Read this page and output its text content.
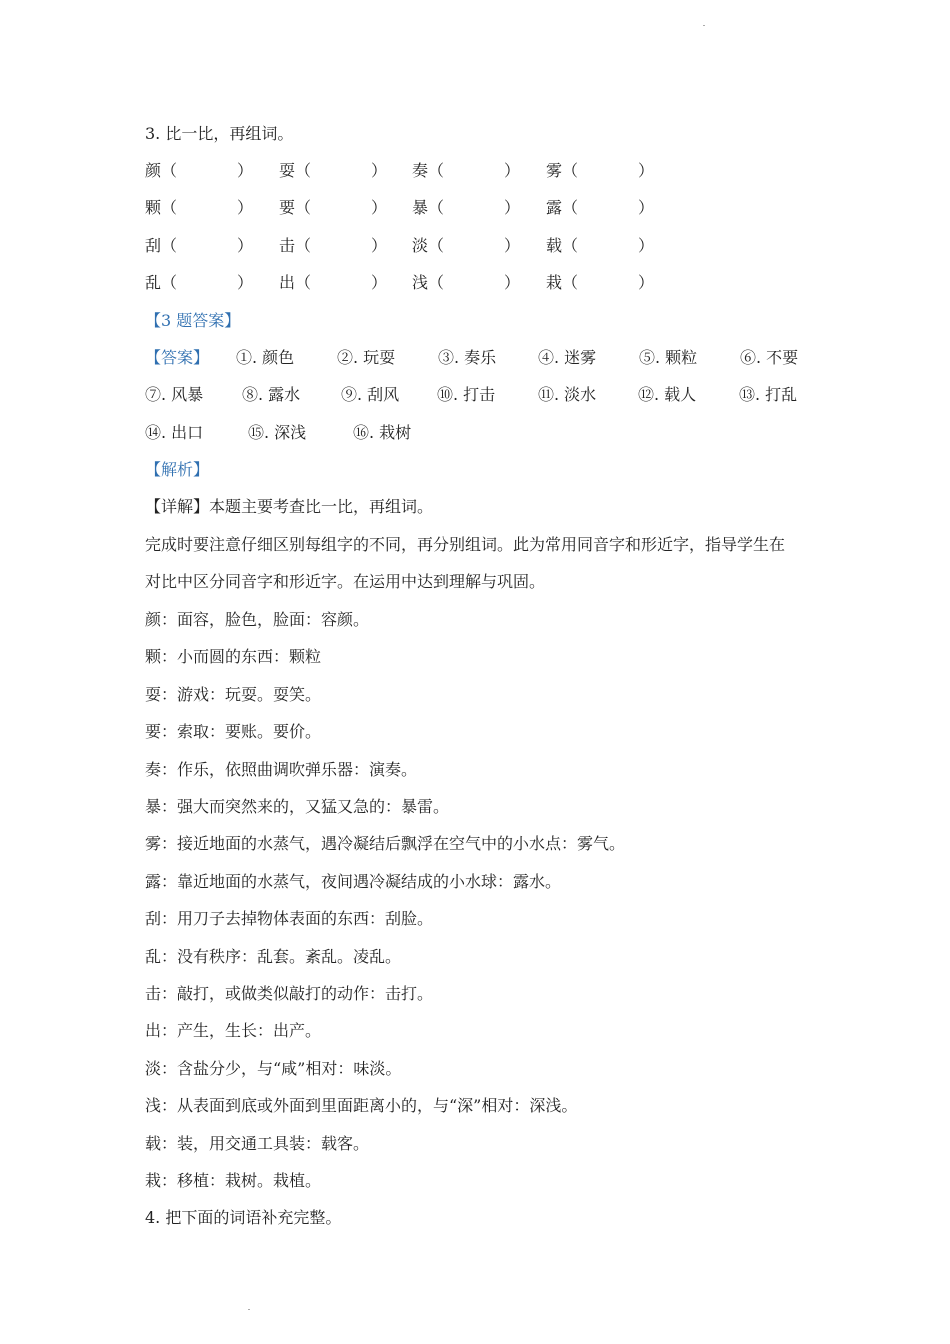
3. 比一比，再组词。
颜 （	） 耍 （	） 奏 （	） 雾 （	）
颗 （	） 要 （	） 暴 （	） 露 （	）
刮 （	） 击 （	） 淡 （	） 载 （	）
乱 （	） 出 （	） 浅 （	） 栽 （	）
【3 题答案】
【答案】 ①. 颜色	②. 玩耍	③. 奏乐	④. 迷雾	⑤. 颗粒	⑥. 不要
⑦. 风暴 ⑧. 露水	⑨. 刮风 ⑩. 打击	⑪. 淡水	⑫. 载人	⑬. 打乱
⑭. 出口	⑮. 深浅	⑯. 栽树
【解析】
【详解】本题主要考查比一比，再组词。
完成时要注意仔细区别每组字的不同，再分别组词。此为常用同音字和形近字，指导学生在
对比中区分同音字和形近字。在运用中达到理解与巩固。
颜：面容，脸色，脸面：容颜。
颗：小而圆的东西：颗粒
耍：游戏：玩耍。耍笑。
要：索取：要账。要价。
奏：作乐，依照曲调吹弹乐器：演奏。
暴：强大而突然来的，又猛又急的：暴雷。
雾：接近地面的水蒸气，遇冷凝结后飘浮在空气中的小水点：雾气。
露：靠近地面的水蒸气，夜间遇冷凝结成的小水球：露水。
刮：用刀子去掉物体表面的东西：刮脸。
乱：没有秩序：乱套。紊乱。凌乱。
击：敲打，或做类似敲打的动作：击打。
出：产生，生长：出产。
淡：含盐分少，与“咸”相对：味淡。
浅：从表面到底或外面到里面距离小的，与“深”相对：深浅。
载：装，用交通工具装：载客。
栽：移植：栽树。栽植。
4. 把下面的词语补充完整。
